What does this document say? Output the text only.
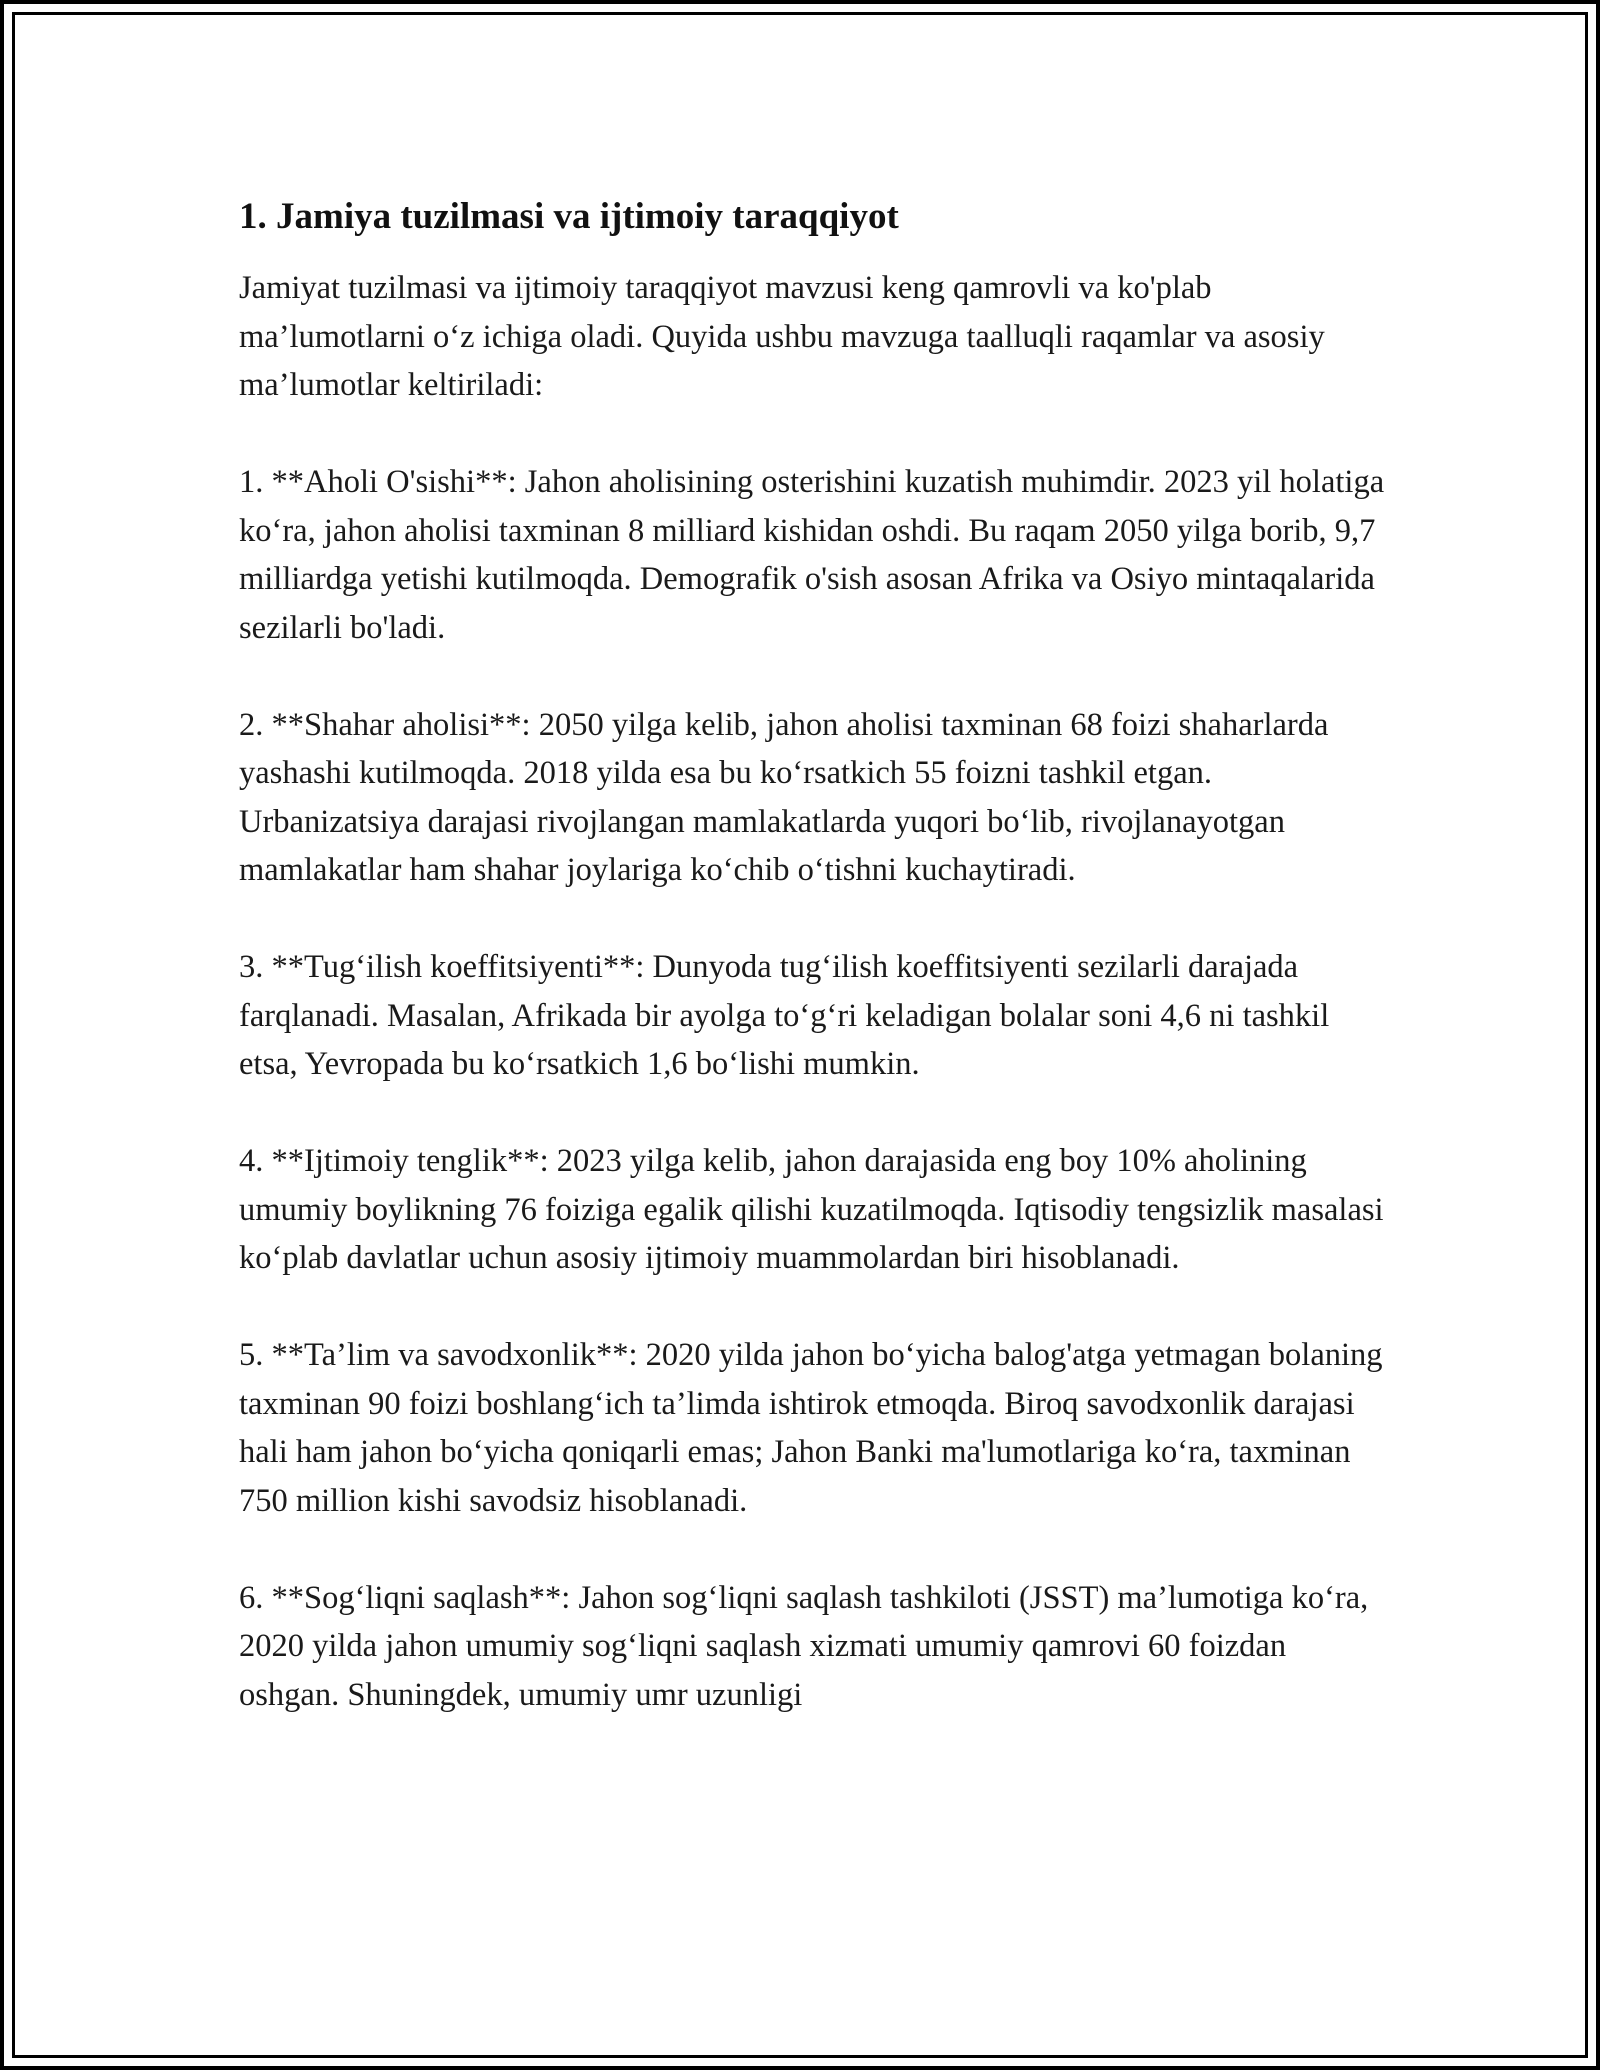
1. Jamiya tuzilmasi va ijtimoiy taraqqiyot

Jamiyat tuzilmasi va ijtimoiy taraqqiyot mavzusi keng qamrovli va ko'plab ma’lumotlarni o‘z ichiga oladi. Quyida ushbu mavzuga taalluqli raqamlar va asosiy ma’lumotlar keltiriladi:

1. **Aholi O'sishi**: Jahon aholisining osterishini kuzatish muhimdir. 2023 yil holatiga ko‘ra, jahon aholisi taxminan 8 milliard kishidan oshdi. Bu raqam 2050 yilga borib, 9,7 milliardga yetishi kutilmoqda. Demografik o'sish asosan Afrika va Osiyo mintaqalarida sezilarli bo'ladi.

2. **Shahar aholisi**: 2050 yilga kelib, jahon aholisi taxminan 68 foizi shaharlarda yashashi kutilmoqda. 2018 yilda esa bu ko‘rsatkich 55 foizni tashkil etgan. Urbanizatsiya darajasi rivojlangan mamlakatlarda yuqori bo‘lib, rivojlanayotgan mamlakatlar ham shahar joylariga ko‘chib o‘tishni kuchaytiradi.

3. **Tug‘ilish koeffitsiyenti**: Dunyoda tug‘ilish koeffitsiyenti sezilarli darajada farqlanadi. Masalan, Afrikada bir ayolga to‘g‘ri keladigan bolalar soni 4,6 ni tashkil etsa, Yevropada bu ko‘rsatkich 1,6 bo‘lishi mumkin.

4. **Ijtimoiy tenglik**: 2023 yilga kelib, jahon darajasida eng boy 10% aholining umumiy boylikning 76 foiziga egalik qilishi kuzatilmoqda. Iqtisodiy tengsizlik masalasi ko‘plab davlatlar uchun asosiy ijtimoiy muammolardan biri hisoblanadi.

5. **Ta’lim va savodxonlik**: 2020 yilda jahon bo‘yicha balog'atga yetmagan bolaning taxminan 90 foizi boshlang‘ich ta’limda ishtirok etmoqda. Biroq savodxonlik darajasi hali ham jahon bo‘yicha qoniqarli emas; Jahon Banki ma'lumotlariga ko‘ra, taxminan 750 million kishi savodsiz hisoblanadi.

6. **Sog‘liqni saqlash**: Jahon sog‘liqni saqlash tashkiloti (JSST) ma’lumotiga ko‘ra, 2020 yilda jahon umumiy sog‘liqni saqlash xizmati umumiy qamrovi 60 foizdan oshgan. Shuningdek, umumiy umr uzunligi
